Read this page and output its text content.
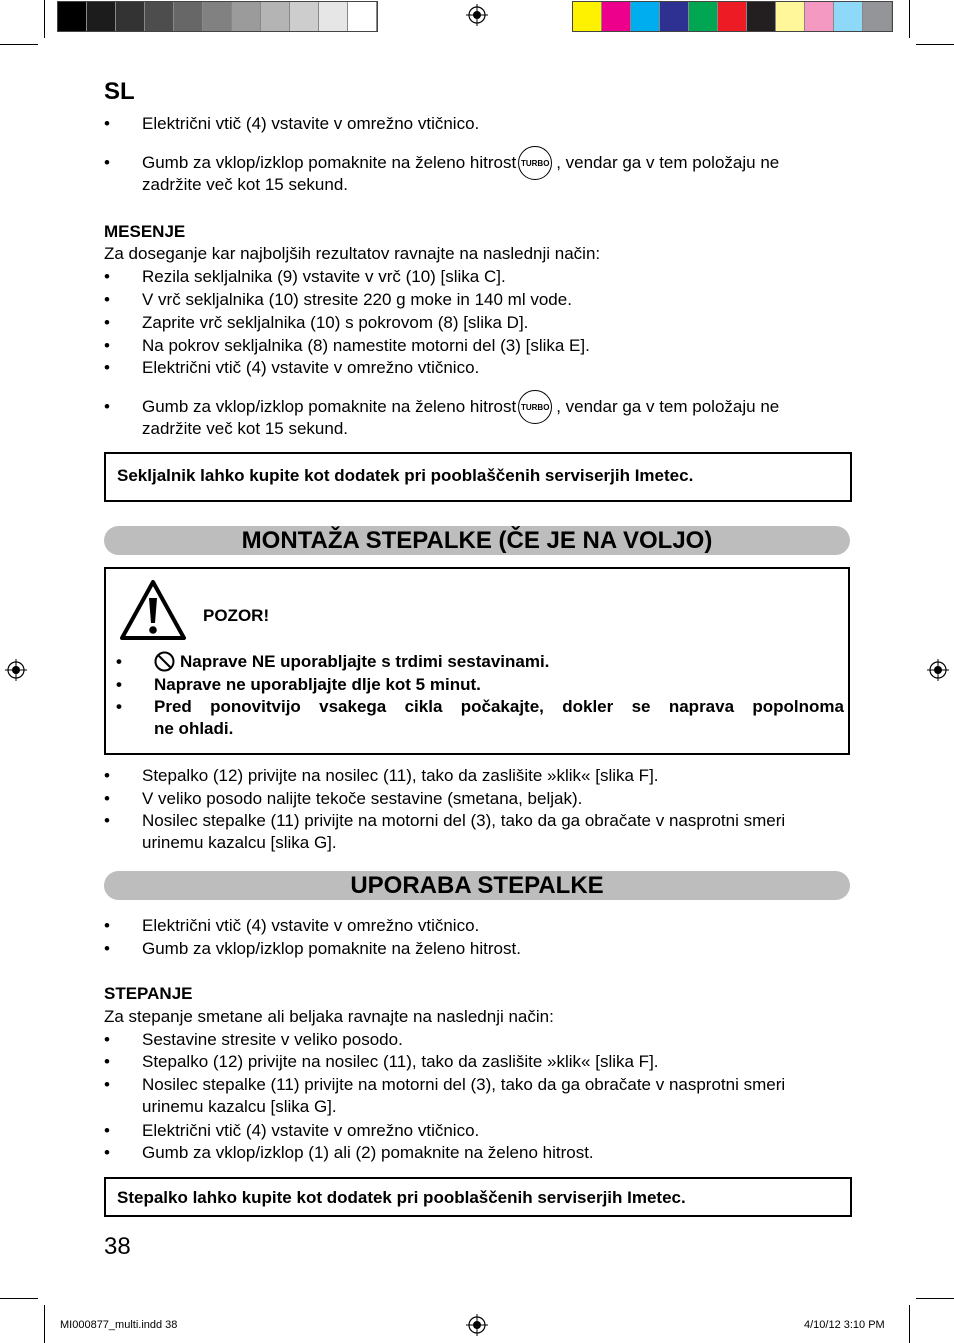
SL
• Električni vtič (4) vstavite v omrežno vtičnico.
• Gumb za vklop/izklop pomaknite na želeno hitrost TURBO , vendar ga v tem položaju ne
zadržite več kot 15 sekund.
MESENJE
Za doseganje kar najboljših rezultatov ravnajte na naslednji način:
• Rezila sekljalnika (9) vstavite v vrč (10) [slika C].
• V vrč sekljalnika (10) stresite 220 g moke in 140 ml vode.
• Zaprite vrč sekljalnika (10) s pokrovom (8) [slika D].
• Na pokrov sekljalnika (8) namestite motorni del (3) [slika E].
• Električni vtič (4) vstavite v omrežno vtičnico.
• Gumb za vklop/izklop pomaknite na želeno hitrost TURBO , vendar ga v tem položaju ne
zadržite več kot 15 sekund.
Sekljalnik lahko kupite kot dodatek pri pooblaščenih serviserjih Imetec.
MONTAŽA STEPALKE (ČE JE NA VOLJO)
POZOR!
•	Naprave NE uporabljajte s trdimi sestavinami.
• Naprave ne uporabljajte dlje kot 5 minut.
• Pred ponovitvijo vsakega cikla počakajte, dokler se naprava popolnoma
ne ohladi.
• Stepalko (12) privijte na nosilec (11), tako da zaslišite »klik« [slika F].
• V veliko posodo nalijte tekoče sestavine (smetana, beljak).
• Nosilec stepalke (11) privijte na motorni del (3), tako da ga obračate v nasprotni smeri
urinemu kazalcu [slika G].
UPORABA STEPALKE
• Električni vtič (4) vstavite v omrežno vtičnico.
• Gumb za vklop/izklop pomaknite na želeno hitrost.
STEPANJE
Za stepanje smetane ali beljaka ravnajte na naslednji način:
• Sestavine stresite v veliko posodo.
• Stepalko (12) privijte na nosilec (11), tako da zaslišite »klik« [slika F].
• Nosilec stepalke (11) privijte na motorni del (3), tako da ga obračate v nasprotni smeri
urinemu kazalcu [slika G].
• Električni vtič (4) vstavite v omrežno vtičnico.
• Gumb za vklop/izklop (1) ali (2) pomaknite na želeno hitrost.
Stepalko lahko kupite kot dodatek pri pooblaščenih serviserjih Imetec.
38
MI000877_multi.indd 38	4/10/12 3:10 PM
